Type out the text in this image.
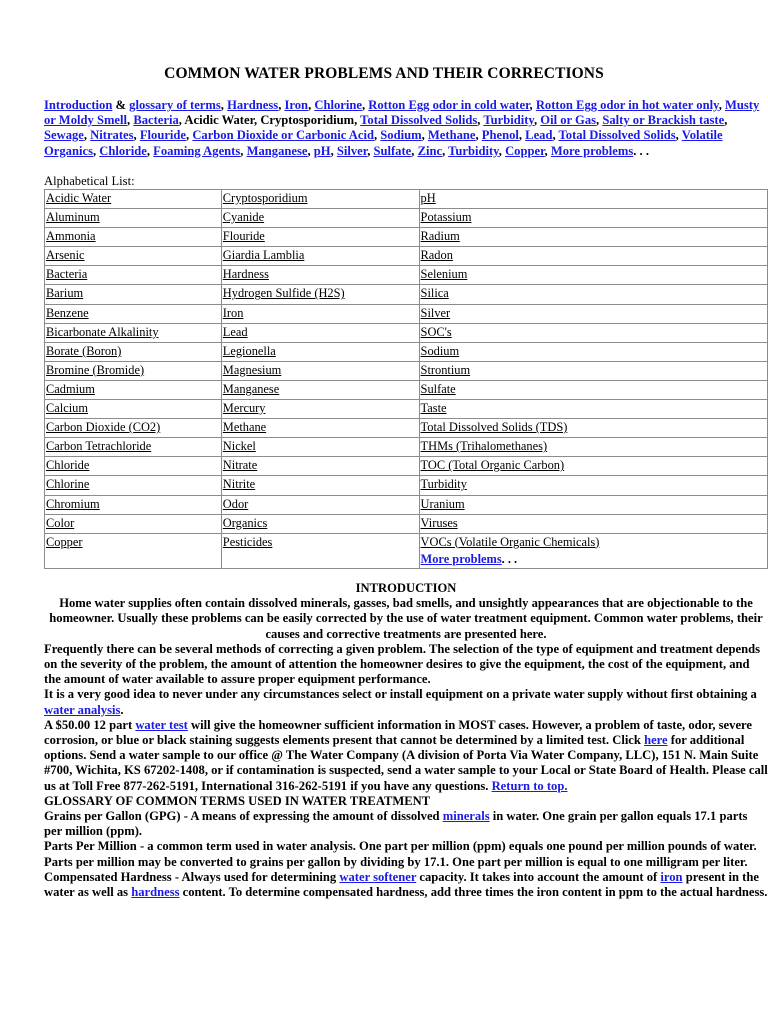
COMMON WATER PROBLEMS AND THEIR CORRECTIONS
Introduction & glossary of terms, Hardness, Iron, Chlorine, Rotton Egg odor in cold water, Rotton Egg odor in hot water only, Musty or Moldy Smell, Bacteria, Acidic Water, Cryptosporidium, Total Dissolved Solids, Turbidity, Oil or Gas, Salty or Brackish taste, Sewage, Nitrates, Flouride, Carbon Dioxide or Carbonic Acid, Sodium, Methane, Phenol, Lead, Total Dissolved Solids, Volatile Organics, Chloride, Foaming Agents, Manganese, pH, Silver, Sulfate, Zinc, Turbidity, Copper, More problems. . .
Alphabetical List:
Acidic Water	Cryptosporidium	pH
Aluminum	Cyanide	Potassium
Ammonia	Flouride	Radium
Arsenic	Giardia Lamblia	Radon
Bacteria	Hardness	Selenium
Barium	Hydrogen Sulfide (H2S)	Silica
Benzene	Iron	Silver
Bicarbonate Alkalinity	Lead	SOC's
Borate (Boron)	Legionella	Sodium
Bromine (Bromide)	Magnesium	Strontium
Cadmium	Manganese	Sulfate
Calcium	Mercury	Taste
Carbon Dioxide (CO2)	Methane	Total Dissolved Solids (TDS)
Carbon Tetrachloride	Nickel	THMs (Trihalomethanes)
Chloride	Nitrate	TOC (Total Organic Carbon)
Chlorine	Nitrite	Turbidity
Chromium	Odor	Uranium
Color	Organics	Viruses
Copper	Pesticides	VOCs (Volatile Organic Chemicals)
More problems. . .
INTRODUCTION

Home water supplies often contain dissolved minerals, gasses, bad smells, and unsightly appearances that are objectionable to the homeowner. Usually these problems can be easily corrected by the use of water treatment equipment. Common water problems, their causes and corrective treatments are presented here.

Frequently there can be several methods of correcting a given problem. The selection of the type of equipment and treatment depends on the severity of the problem, the amount of attention the homeowner desires to give the equipment, the cost of the equipment, and the amount of water available to assure proper equipment performance.

It is a very good idea to never under any circumstances select or install equipment on a private water supply without first obtaining a water analysis.

A $50.00 12 part water test will give the homeowner sufficient information in MOST cases. However, a problem of taste, odor, severe corrosion, or blue or black staining suggests elements present that cannot be determined by a limited test. Click here for additional options. Send a water sample to our office @ The Water Company (A division of Porta Via Water Company, LLC), 151 N. Main Suite #700, Wichita, KS 67202-1408, or if contamination is suspected, send a water sample to your Local or State Board of Health. Please call us at Toll Free 877-262-5191, International 316-262-5191 if you have any questions. Return to top.

GLOSSARY OF COMMON TERMS USED IN WATER TREATMENT

Grains per Gallon (GPG) - A means of expressing the amount of dissolved minerals in water. One grain per gallon equals 17.1 parts per million (ppm).

Parts Per Million - a common term used in water analysis. One part per million (ppm) equals one pound per million pounds of water. Parts per million may be converted to grains per gallon by dividing by 17.1. One part per million is equal to one milligram per liter.

Compensated Hardness - Always used for determining water softener capacity. It takes into account the amount of iron present in the water as well as hardness content. To determine compensated hardness, add three times the iron content in ppm to the actual hardness.
